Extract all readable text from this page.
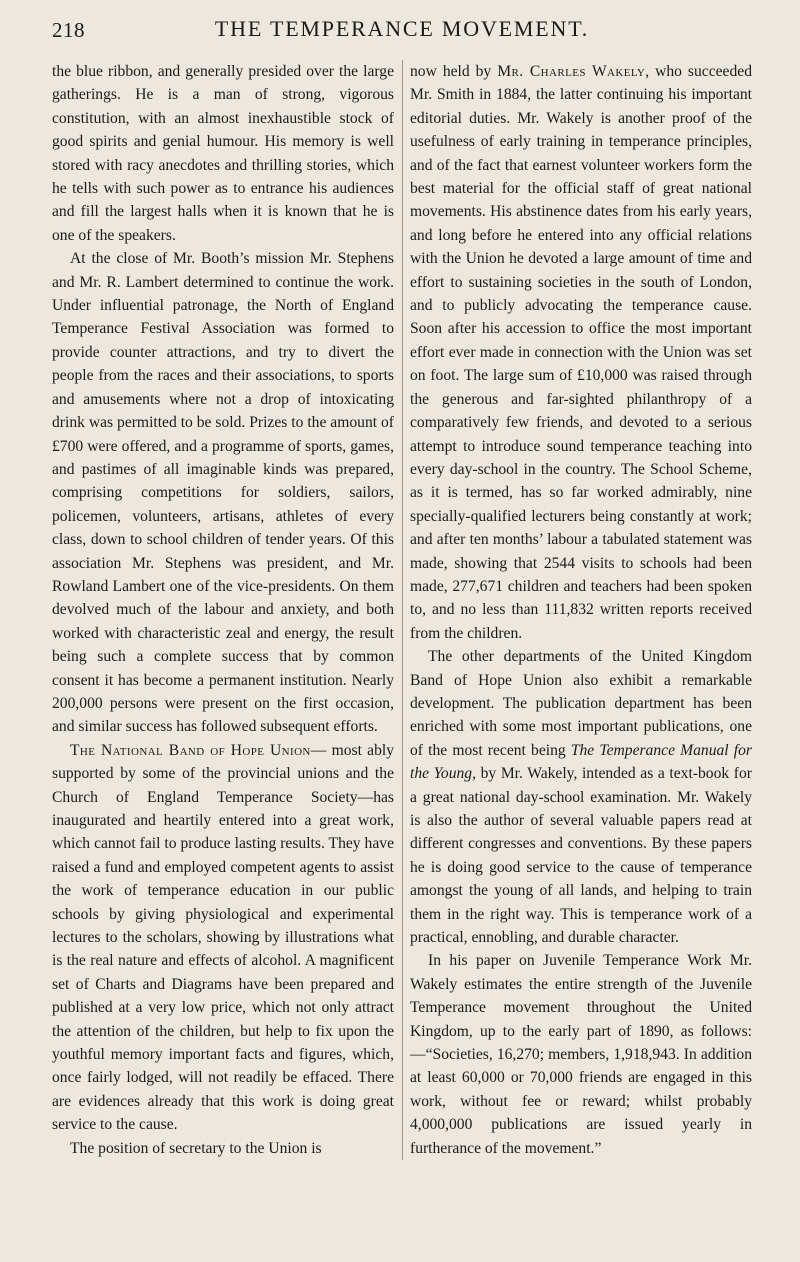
218	THE TEMPERANCE MOVEMENT.

the blue ribbon, and generally presided over the large gatherings. He is a man of strong, vigorous constitution, with an almost inexhaustible stock of good spirits and genial humour. His memory is well stored with racy anecdotes and thrilling stories, which he tells with such power as to entrance his audiences and fill the largest halls when it is known that he is one of the speakers.

At the close of Mr. Booth’s mission Mr. Stephens and Mr. R. Lambert determined to continue the work. Under influential patronage, the North of England Temperance Festival Association was formed to provide counter attractions, and try to divert the people from the races and their associations, to sports and amusements where not a drop of intoxicating drink was permitted to be sold. Prizes to the amount of £700 were offered, and a programme of sports, games, and pastimes of all imaginable kinds was prepared, comprising competitions for soldiers, sailors, policemen, volunteers, artisans, athletes of every class, down to school children of tender years. Of this association Mr. Stephens was president, and Mr. Rowland Lambert one of the vice-presidents. On them devolved much of the labour and anxiety, and both worked with characteristic zeal and energy, the result being such a complete success that by common consent it has become a permanent institution. Nearly 200,000 persons were present on the first occasion, and similar success has followed subsequent efforts.

The National Band of Hope Union— most ably supported by some of the provincial unions and the Church of England Temperance Society—has inaugurated and heartily entered into a great work, which cannot fail to produce lasting results. They have raised a fund and employed competent agents to assist the work of temperance education in our public schools by giving physiological and experimental lectures to the scholars, showing by illustrations what is the real nature and effects of alcohol. A magnificent set of Charts and Diagrams have been prepared and published at a very low price, which not only attract the attention of the children, but help to fix upon the youthful memory important facts and figures, which, once fairly lodged, will not readily be effaced. There are evidences already that this work is doing great service to the cause.

The position of secretary to the Union is

now held by Mr. Charles Wakely, who succeeded Mr. Smith in 1884, the latter continuing his important editorial duties. Mr. Wakely is another proof of the usefulness of early training in temperance principles, and of the fact that earnest volunteer workers form the best material for the official staff of great national movements. His abstinence dates from his early years, and long before he entered into any official relations with the Union he devoted a large amount of time and effort to sustaining societies in the south of London, and to publicly advocating the temperance cause. Soon after his accession to office the most important effort ever made in connection with the Union was set on foot. The large sum of £10,000 was raised through the generous and far-sighted philanthropy of a comparatively few friends, and devoted to a serious attempt to introduce sound temperance teaching into every day-school in the country. The School Scheme, as it is termed, has so far worked admirably, nine specially-qualified lecturers being constantly at work; and after ten months’ labour a tabulated statement was made, showing that 2544 visits to schools had been made, 277,671 children and teachers had been spoken to, and no less than 111,832 written reports received from the children.

The other departments of the United Kingdom Band of Hope Union also exhibit a remarkable development. The publication department has been enriched with some most important publications, one of the most recent being The Temperance Manual for the Young, by Mr. Wakely, intended as a text-book for a great national day-school examination. Mr. Wakely is also the author of several valuable papers read at different congresses and conventions. By these papers he is doing good service to the cause of temperance amongst the young of all lands, and helping to train them in the right way. This is temperance work of a practical, ennobling, and durable character.

In his paper on Juvenile Temperance Work Mr. Wakely estimates the entire strength of the Juvenile Temperance movement throughout the United Kingdom, up to the early part of 1890, as follows:—“Societies, 16,270; members, 1,918,943. In addition at least 60,000 or 70,000 friends are engaged in this work, without fee or reward; whilst probably 4,000,000 publications are issued yearly in furtherance of the movement.”
